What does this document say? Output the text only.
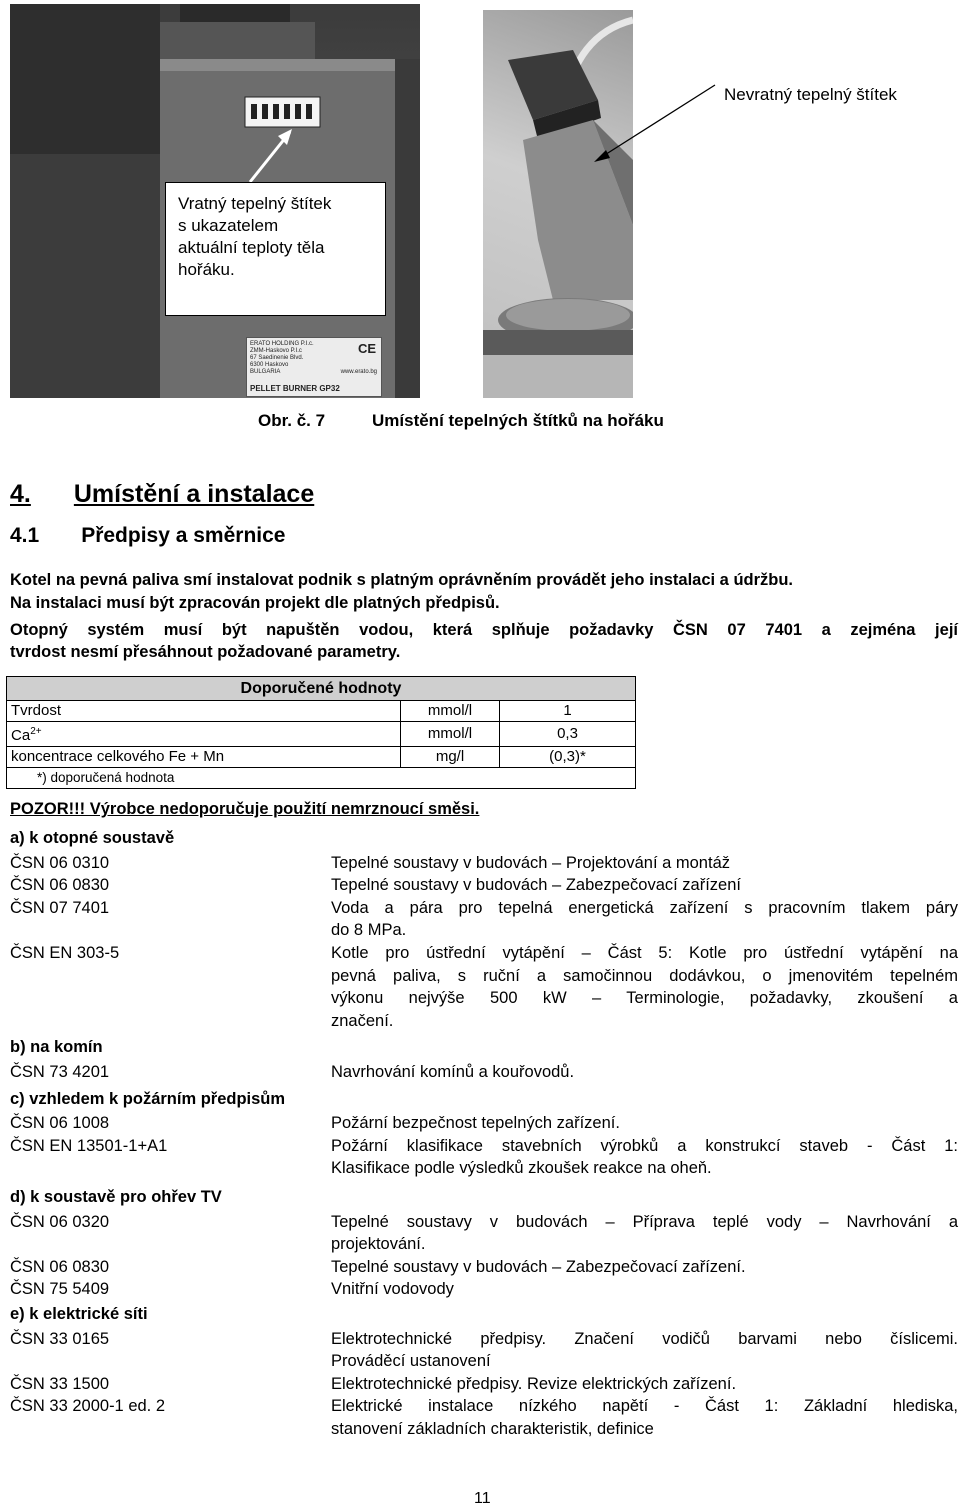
ERATO HOLDING P.I.c.
ZMM-Haskovo P.I.c
67 Saedinenie Blvd.
6300 Haskovo
BULGARIA	www.erato.bg
CE
PELLET BURNER GP32
Vratný tepelný štítek
s ukazatelem
aktuální teploty těla
hořáku.
Nevratný tepelný štítek
Obr. č. 7	Umístění tepelných štítků na hořáku
4. Umístění a instalace
4.1 Předpisy a směrnice
Kotel na pevná paliva smí instalovat podnik s platným oprávněním provádět jeho instalaci a údržbu.
Na instalaci musí být zpracován projekt dle platných předpisů.
Otopný systém musí být napuštěn vodou, která splňuje požadavky ČSN 07 7401 a zejména její
tvrdost nesmí přesáhnout požadované parametry.
Doporučené hodnoty		
Tvrdost	mmol/l	1
$Ca^{2+}$	mmol/l	0,3
koncentrace celkového Fe + Mn	mg/l	(0,3)*
*) doporučená hodnota		
POZOR!!! Výrobce nedoporučuje použití nemrznoucí směsi.
a) k otopné soustavě
ČSN 06 0310	Tepelné soustavy v budovách – Projektování a montáž
ČSN 06 0830	Tepelné soustavy v budovách – Zabezpečovací zařízení
ČSN 07 7401	Voda a pára pro tepelná energetická zařízení s pracovním tlakem páry
do 8 MPa.
ČSN EN 303-5	Kotle pro ústřední vytápění – Část 5: Kotle pro ústřední vytápění na
pevná paliva, s ruční a samočinnou dodávkou, o jmenovitém tepelném
výkonu nejvýše 500 kW – Terminologie, požadavky, zkoušení a
značení.
b) na komín
ČSN 73 4201	Navrhování komínů a kouřovodů.
c) vzhledem k požárním předpisům
ČSN 06 1008	Požární bezpečnost tepelných zařízení.
ČSN EN 13501-1+A1	Požární klasifikace stavebních výrobků a konstrukcí staveb - Část 1:
Klasifikace podle výsledků zkoušek reakce na oheň.
d) k soustavě pro ohřev TV
ČSN 06 0320	Tepelné soustavy v budovách – Příprava teplé vody – Navrhování a
projektování.
ČSN 06 0830	Tepelné soustavy v budovách – Zabezpečovací zařízení.
ČSN 75 5409	Vnitřní vodovody
e) k elektrické síti
ČSN 33 0165	Elektrotechnické předpisy. Značení vodičů barvami nebo číslicemi.
Prováděcí ustanovení
ČSN 33 1500	Elektrotechnické předpisy. Revize elektrických zařízení.
ČSN 33 2000-1 ed. 2	Elektrické instalace nízkého napětí - Část 1: Základní hlediska,
stanovení základních charakteristik, definice
11
